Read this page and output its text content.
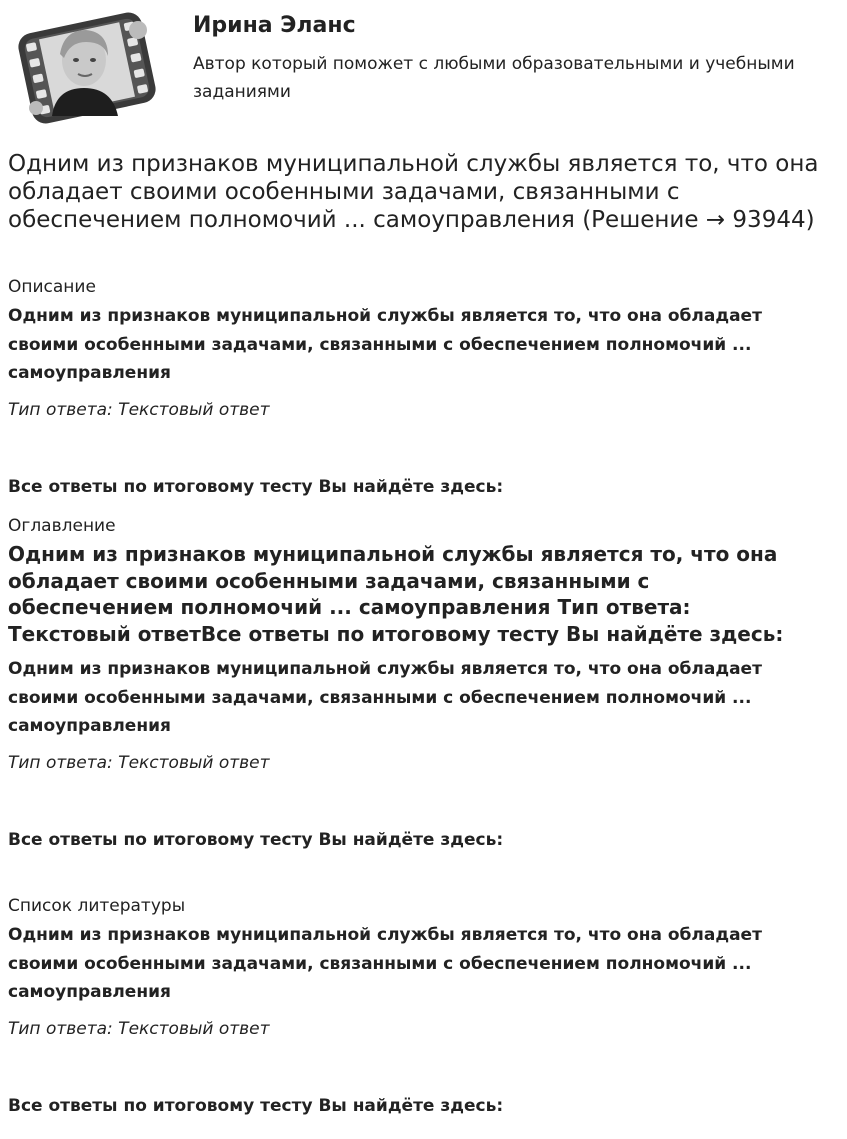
Ирина Эланс

Автор который поможет с любыми образовательными и учебными заданиями

Одним из признаков муниципальной службы является то, что она обладает своими особенными задачами, связанными с обеспечением полномочий ... самоуправления (Решение → 93944)

Описание

Одним из признаков муниципальной службы является то, что она обладает своими особенными задачами, связанными с обеспечением полномочий ... самоуправления

Тип ответа: Текстовый ответ

Все ответы по итоговому тесту Вы найдёте здесь:

Оглавление

Одним из признаков муниципальной службы является то, что она обладает своими особенными задачами, связанными с обеспечением полномочий ... самоуправления Тип ответа: Текстовый ответВсе ответы по итоговому тесту Вы найдёте здесь:

Одним из признаков муниципальной службы является то, что она обладает своими особенными задачами, связанными с обеспечением полномочий ... самоуправления

Тип ответа: Текстовый ответ

Все ответы по итоговому тесту Вы найдёте здесь:

Список литературы

Одним из признаков муниципальной службы является то, что она обладает своими особенными задачами, связанными с обеспечением полномочий ... самоуправления

Тип ответа: Текстовый ответ

Все ответы по итоговому тесту Вы найдёте здесь:
